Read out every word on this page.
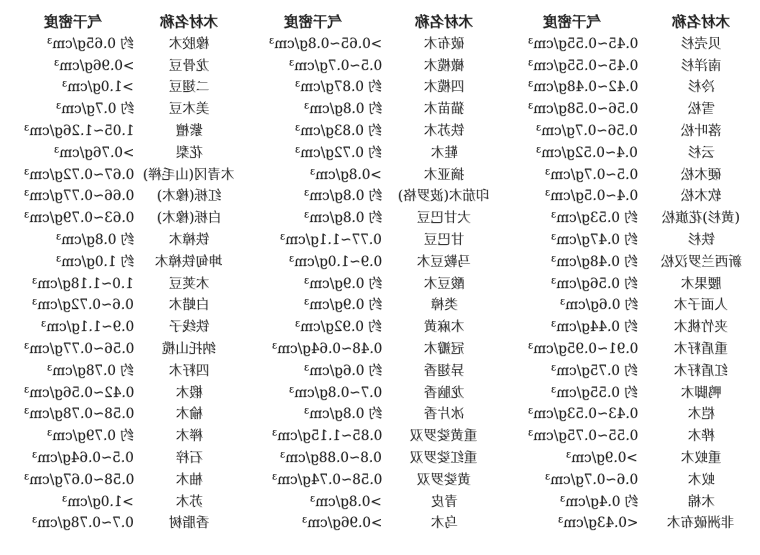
气干密度	木材名称	气干密度	木材名称	气干密度	木材名称
约 0.65g/cm³	橡胶木	>0.65~0.8g/cm³	破布木	0.45~0.55g/cm³	贝壳杉
>0.96g/cm³	龙骨豆	0.5~0.7g/cm³	橄榄木	0.45~0.55g/cm³	南洋杉
>1.0g/cm³	二翅豆	约 0.87g/cm³	四榄木	0.42~0.48g/cm³	冷杉
约 0.7g/cm³	美木豆	约 0.8g/cm³	猫苗木	0.56~0.58g/cm³	雪松
1.05~1.26g/cm³	紫檀	约 0.83g/cm³	铁苏木	0.56~0.7g/cm³	落叶松
>0.76g/cm³	花梨	约 0.72g/cm³	鞋木	0.4~0.52g/cm³	云杉
0.67~0.72g/cm³ 木青冈(山毛榉)	>0.8g/cm³	摘亚木	0.5~0.7g/cm³	硬木松
0.66~0.77g/cm³	红栎(橡木)	约 0.8g/cm³	印茄木(波罗格)	0.4~0.5g/cm³	软木松
0.63~0.79g/cm³	白栎(橡木)	约 0.8g/cm³	大甘巴豆	约 0.53g/cm³	(黄杉)花旗松
约 0.8g/cm³	铁樟木	0.77~1.1g/cm³	甘巴豆	约 0.47g/cm³	铁杉
约 1.0g/cm³	坤甸铁樟木	0.9~1.0g/cm³	马鞍豆木	约 0.48g/cm³	新西兰罗汉松
1.0~1.18g/cm³	木荚豆	约 0.9g/cm³	酸豆木	约 0.56g/cm³	腰果木
0.6~0.72g/cm³	白蜡木	约 0.9g/cm³	类樟	约 0.6g/cm³	人面子木
0.9~1.1g/cm³	铁线子	约 0.92g/cm³	木麻黄	约 0.44g/cm³	夹竹桃木
0.56~0.77g/cm³	纳托山榄	0.48~0.64g/cm³	冠瓣木	0.91~0.95g/cm³	重盾籽木
约 0.78g/cm³	四籽木	约 0.6g/cm³	异翅香	约 0.75g/cm³	红盾籽木
0.42~0.56g/cm³	椴木	0.7~0.8g/cm³	龙脑香	约 0.55g/cm³	鸭脚木
0.58~0.78g/cm³	榆木	约 0.8g/cm³	冰片香	0.43~0.53g/cm³	桤木
约 0.79g/cm³	榉木	0.85~1.15g/cm³	重黄娑罗双	0.55~0.75g/cm³	桦木
0.5~0.64g/cm³	石梓	0.8~0.88g/cm³	重红娑罗双	>0.9g/cm³	重蚁木
0.58~0.67g/cm³	柚木	0.58~0.74g/cm³	黄娑罗双	0.6~0.7g/cm³	蚁木
>1.0g/cm³	苏木	>0.8g/cm³	青皮	约 0.4g/cm³	木棉
0.7~0.78g/cm³	香脂树	>0.96g/cm³	乌木	<0.43g/cm³	非洲破布木
